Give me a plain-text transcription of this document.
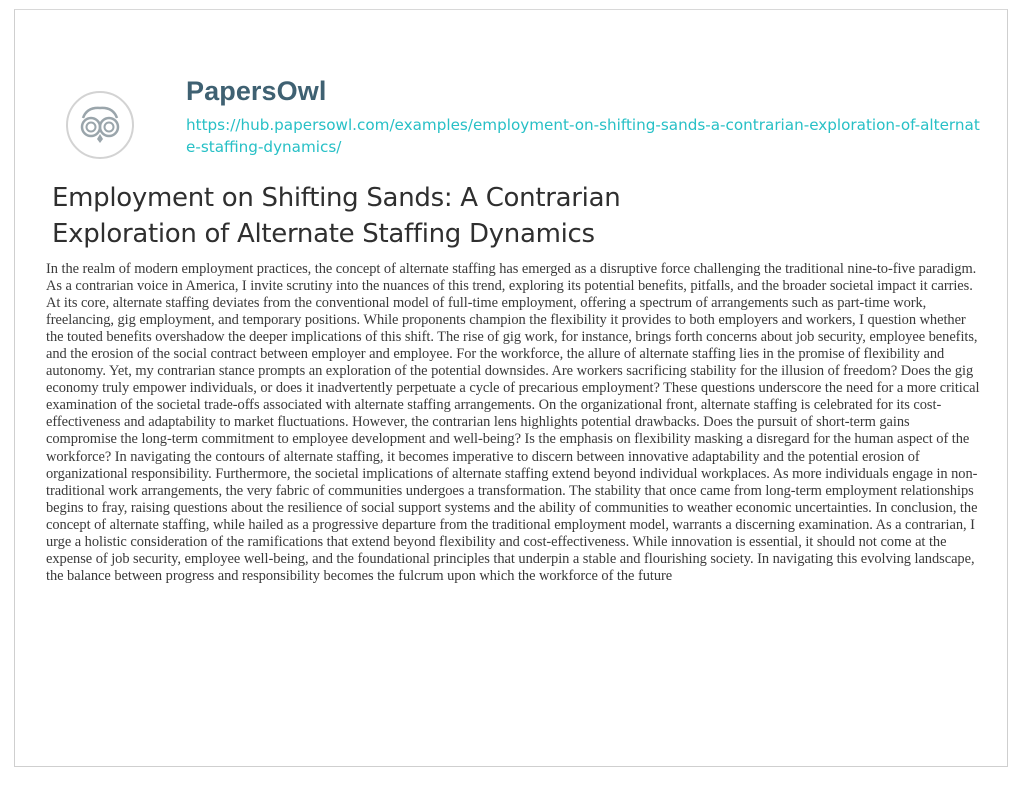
PapersOwl
https://hub.papersowl.com/examples/employment-on-shifting-sands-a-contrarian-exploration-of-alternate-staffing-dynamics/
Employment on Shifting Sands: A Contrarian Exploration of Alternate Staffing Dynamics

In the realm of modern employment practices, the concept of alternate staffing has emerged as a disruptive force challenging the traditional nine-to-five paradigm. As a contrarian voice in America, I invite scrutiny into the nuances of this trend, exploring its potential benefits, pitfalls, and the broader societal impact it carries. At its core, alternate staffing deviates from the conventional model of full-time employment, offering a spectrum of arrangements such as part-time work, freelancing, gig employment, and temporary positions. While proponents champion the flexibility it provides to both employers and workers, I question whether the touted benefits overshadow the deeper implications of this shift. The rise of gig work, for instance, brings forth concerns about job security, employee benefits, and the erosion of the social contract between employer and employee. For the workforce, the allure of alternate staffing lies in the promise of flexibility and autonomy. Yet, my contrarian stance prompts an exploration of the potential downsides. Are workers sacrificing stability for the illusion of freedom? Does the gig economy truly empower individuals, or does it inadvertently perpetuate a cycle of precarious employment? These questions underscore the need for a more critical examination of the societal trade-offs associated with alternate staffing arrangements. On the organizational front, alternate staffing is celebrated for its cost-effectiveness and adaptability to market fluctuations. However, the contrarian lens highlights potential drawbacks. Does the pursuit of short-term gains compromise the long-term commitment to employee development and well-being? Is the emphasis on flexibility masking a disregard for the human aspect of the workforce? In navigating the contours of alternate staffing, it becomes imperative to discern between innovative adaptability and the potential erosion of organizational responsibility. Furthermore, the societal implications of alternate staffing extend beyond individual workplaces. As more individuals engage in non-traditional work arrangements, the very fabric of communities undergoes a transformation. The stability that once came from long-term employment relationships begins to fray, raising questions about the resilience of social support systems and the ability of communities to weather economic uncertainties. In conclusion, the concept of alternate staffing, while hailed as a progressive departure from the traditional employment model, warrants a discerning examination. As a contrarian, I urge a holistic consideration of the ramifications that extend beyond flexibility and cost-effectiveness. While innovation is essential, it should not come at the expense of job security, employee well-being, and the foundational principles that underpin a stable and flourishing society. In navigating this evolving landscape, the balance between progress and responsibility becomes the fulcrum upon which the workforce of the future
